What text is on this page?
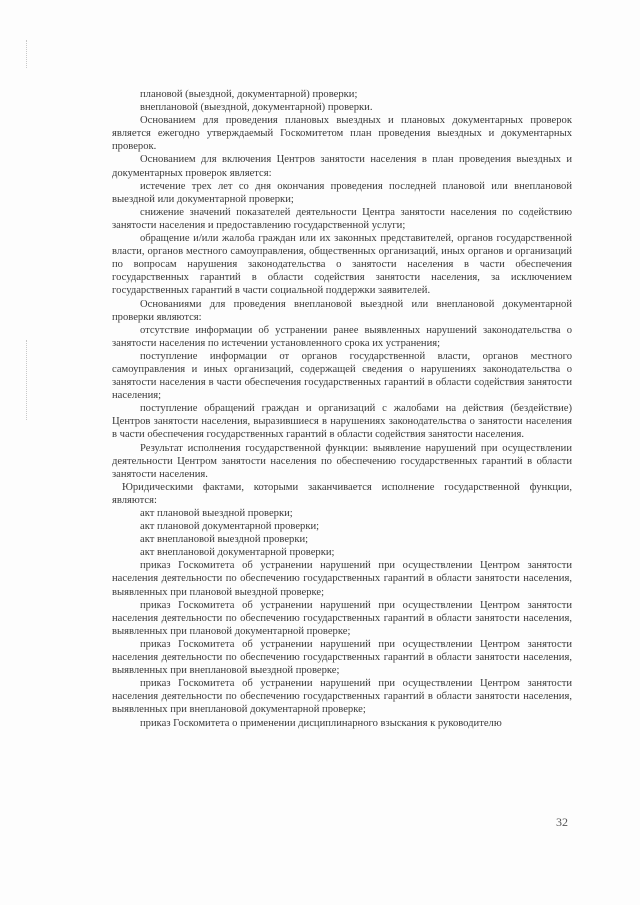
плановой (выездной, документарной) проверки;

внеплановой (выездной, документарной) проверки.

Основанием для проведения плановых выездных и плановых документарных проверок является ежегодно утверждаемый Госкомитетом план проведения выездных и документарных проверок.

Основанием для включения Центров занятости населения в план проведения выездных и документарных проверок является:

истечение трех лет со дня окончания проведения последней плановой или внеплановой выездной или документарной проверки;

снижение значений показателей деятельности Центра занятости населения по содействию занятости населения и предоставлению государственной услуги;

обращение и/или жалоба граждан или их законных представителей, органов государственной власти, органов местного самоуправления, общественных организаций, иных органов и организаций по вопросам нарушения законодательства о занятости населения в части обеспечения государственных гарантий в области содействия занятости населения, за исключением государственных гарантий в части социальной поддержки заявителей.

Основаниями для проведения внеплановой выездной или внеплановой документарной проверки являются:

отсутствие информации об устранении ранее выявленных нарушений законодательства о занятости населения по истечении установленного срока их устранения;

поступление информации от органов государственной власти, органов местного самоуправления и иных организаций, содержащей сведения о нарушениях законодательства о занятости населения в части обеспечения государственных гарантий в области содействия занятости населения;

поступление обращений граждан и организаций с жалобами на действия (бездействие) Центров занятости населения, выразившиеся в нарушениях законодательства о занятости населения в части обеспечения государственных гарантий в области содействия занятости населения.

Результат исполнения государственной функции: выявление нарушений при осуществлении деятельности Центром занятости населения по обеспечению государственных гарантий в области занятости населения.

Юридическими фактами, которыми заканчивается исполнение государственной функции, являются:

акт плановой выездной проверки;

акт плановой документарной проверки;

акт внеплановой выездной проверки;

акт внеплановой документарной проверки;

приказ Госкомитета об устранении нарушений при осуществлении Центром занятости населения деятельности по обеспечению государственных гарантий в области занятости населения, выявленных при плановой выездной проверке;

приказ Госкомитета об устранении нарушений при осуществлении Центром занятости населения деятельности по обеспечению государственных гарантий в области занятости населения, выявленных при плановой документарной проверке;

приказ Госкомитета об устранении нарушений при осуществлении Центром занятости населения деятельности по обеспечению государственных гарантий в области занятости населения, выявленных при внеплановой выездной проверке;

приказ Госкомитета об устранении нарушений при осуществлении Центром занятости населения деятельности по обеспечению государственных гарантий в области занятости населения, выявленных при внеплановой документарной проверке;

приказ Госкомитета о применении дисциплинарного взыскания к руководителю

32
